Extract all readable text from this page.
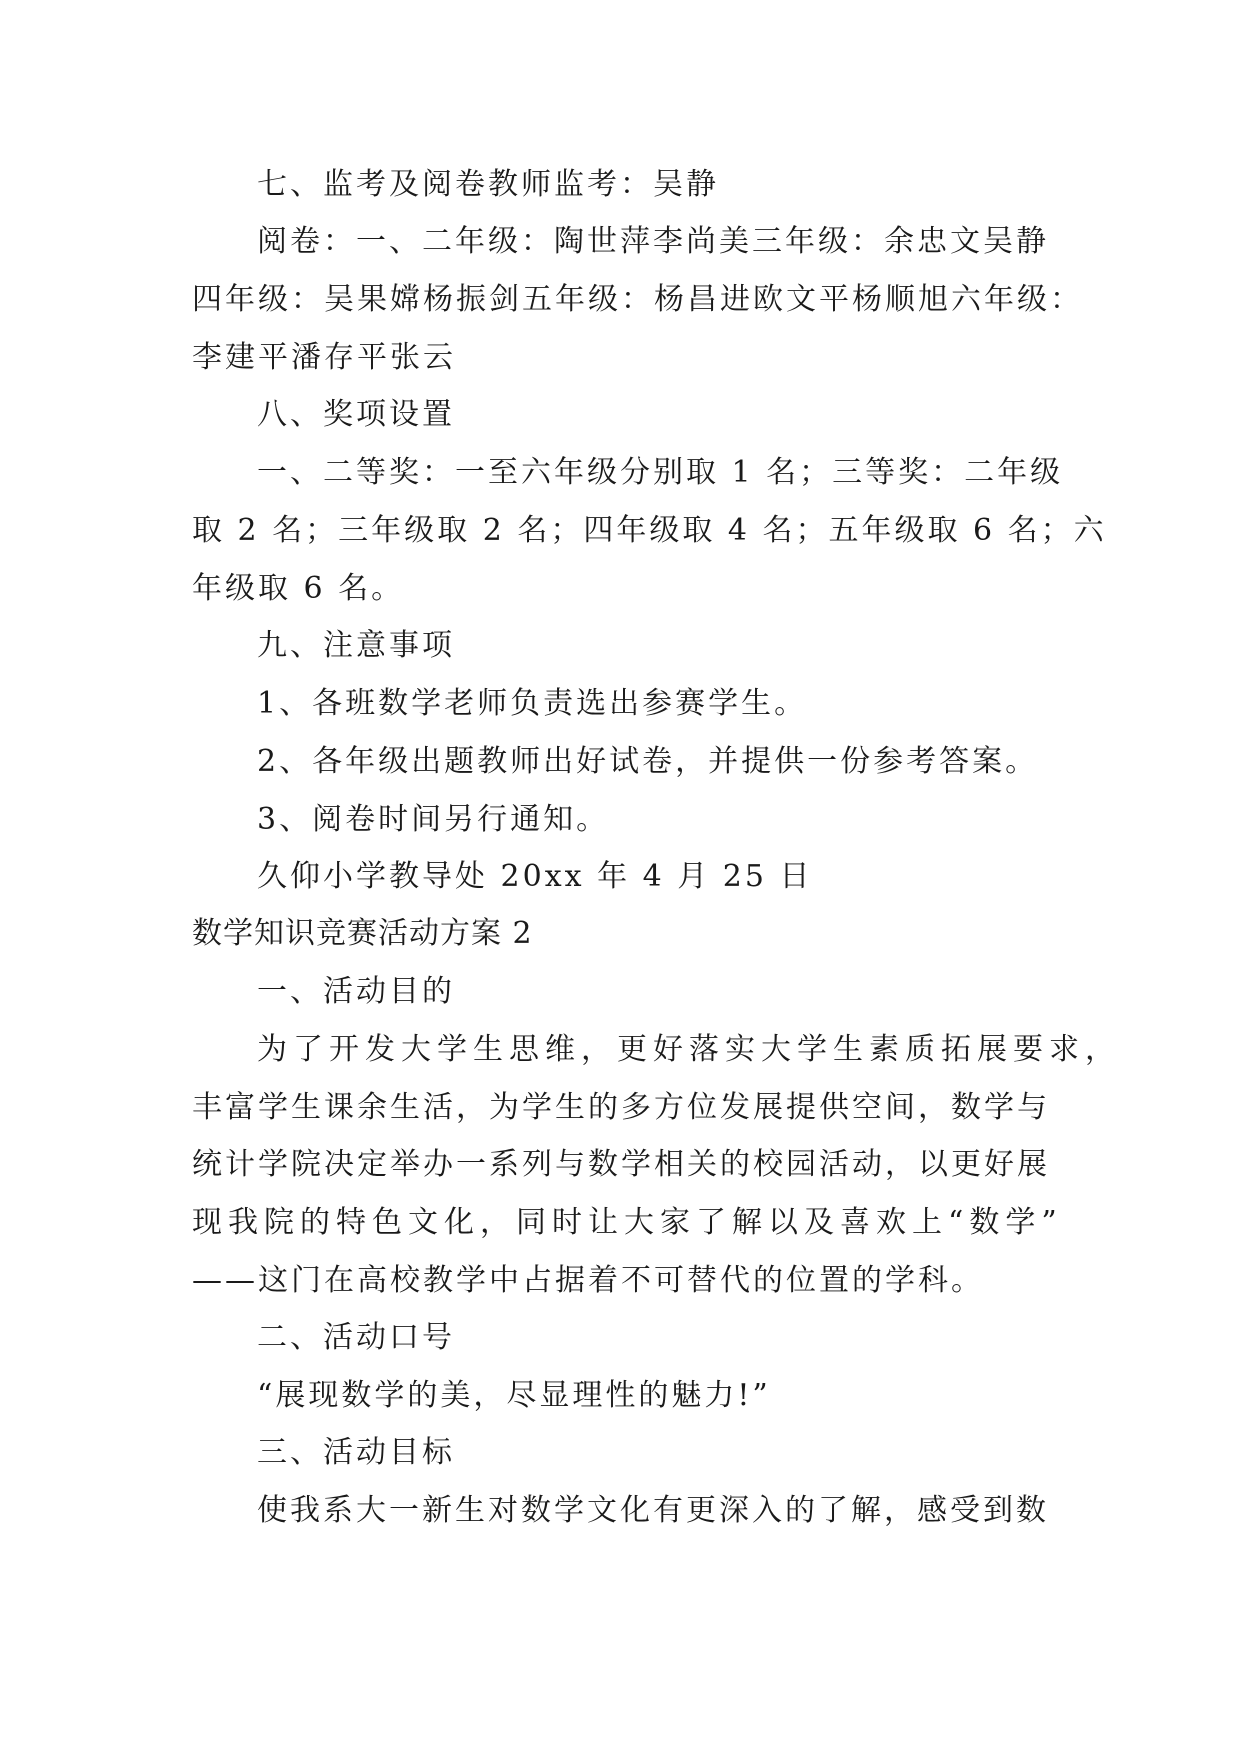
七、监考及阅卷教师监考：吴静
阅卷：一、二年级：陶世萍李尚美三年级：余忠文吴静
四年级：吴果嫦杨振剑五年级：杨昌进欧文平杨顺旭六年级：
李建平潘存平张云
八、奖项设置
一、二等奖：一至六年级分别取 1 名；三等奖：二年级
取 2 名；三年级取 2 名；四年级取 4 名；五年级取 6 名；六
年级取 6 名。
九、注意事项
1、各班数学老师负责选出参赛学生。
2、各年级出题教师出好试卷，并提供一份参考答案。
3、阅卷时间另行通知。
久仰小学教导处 20xx 年 4 月 25 日
数学知识竞赛活动方案 2
一、活动目的
为了开发大学生思维，更好落实大学生素质拓展要求，
丰富学生课余生活，为学生的多方位发展提供空间，数学与
统计学院决定举办一系列与数学相关的校园活动，以更好展
现我院的特色文化，同时让大家了解以及喜欢上“数学”
——这门在高校教学中占据着不可替代的位置的学科。
二、活动口号
“展现数学的美，尽显理性的魅力!”
三、活动目标
使我系大一新生对数学文化有更深入的了解，感受到数
